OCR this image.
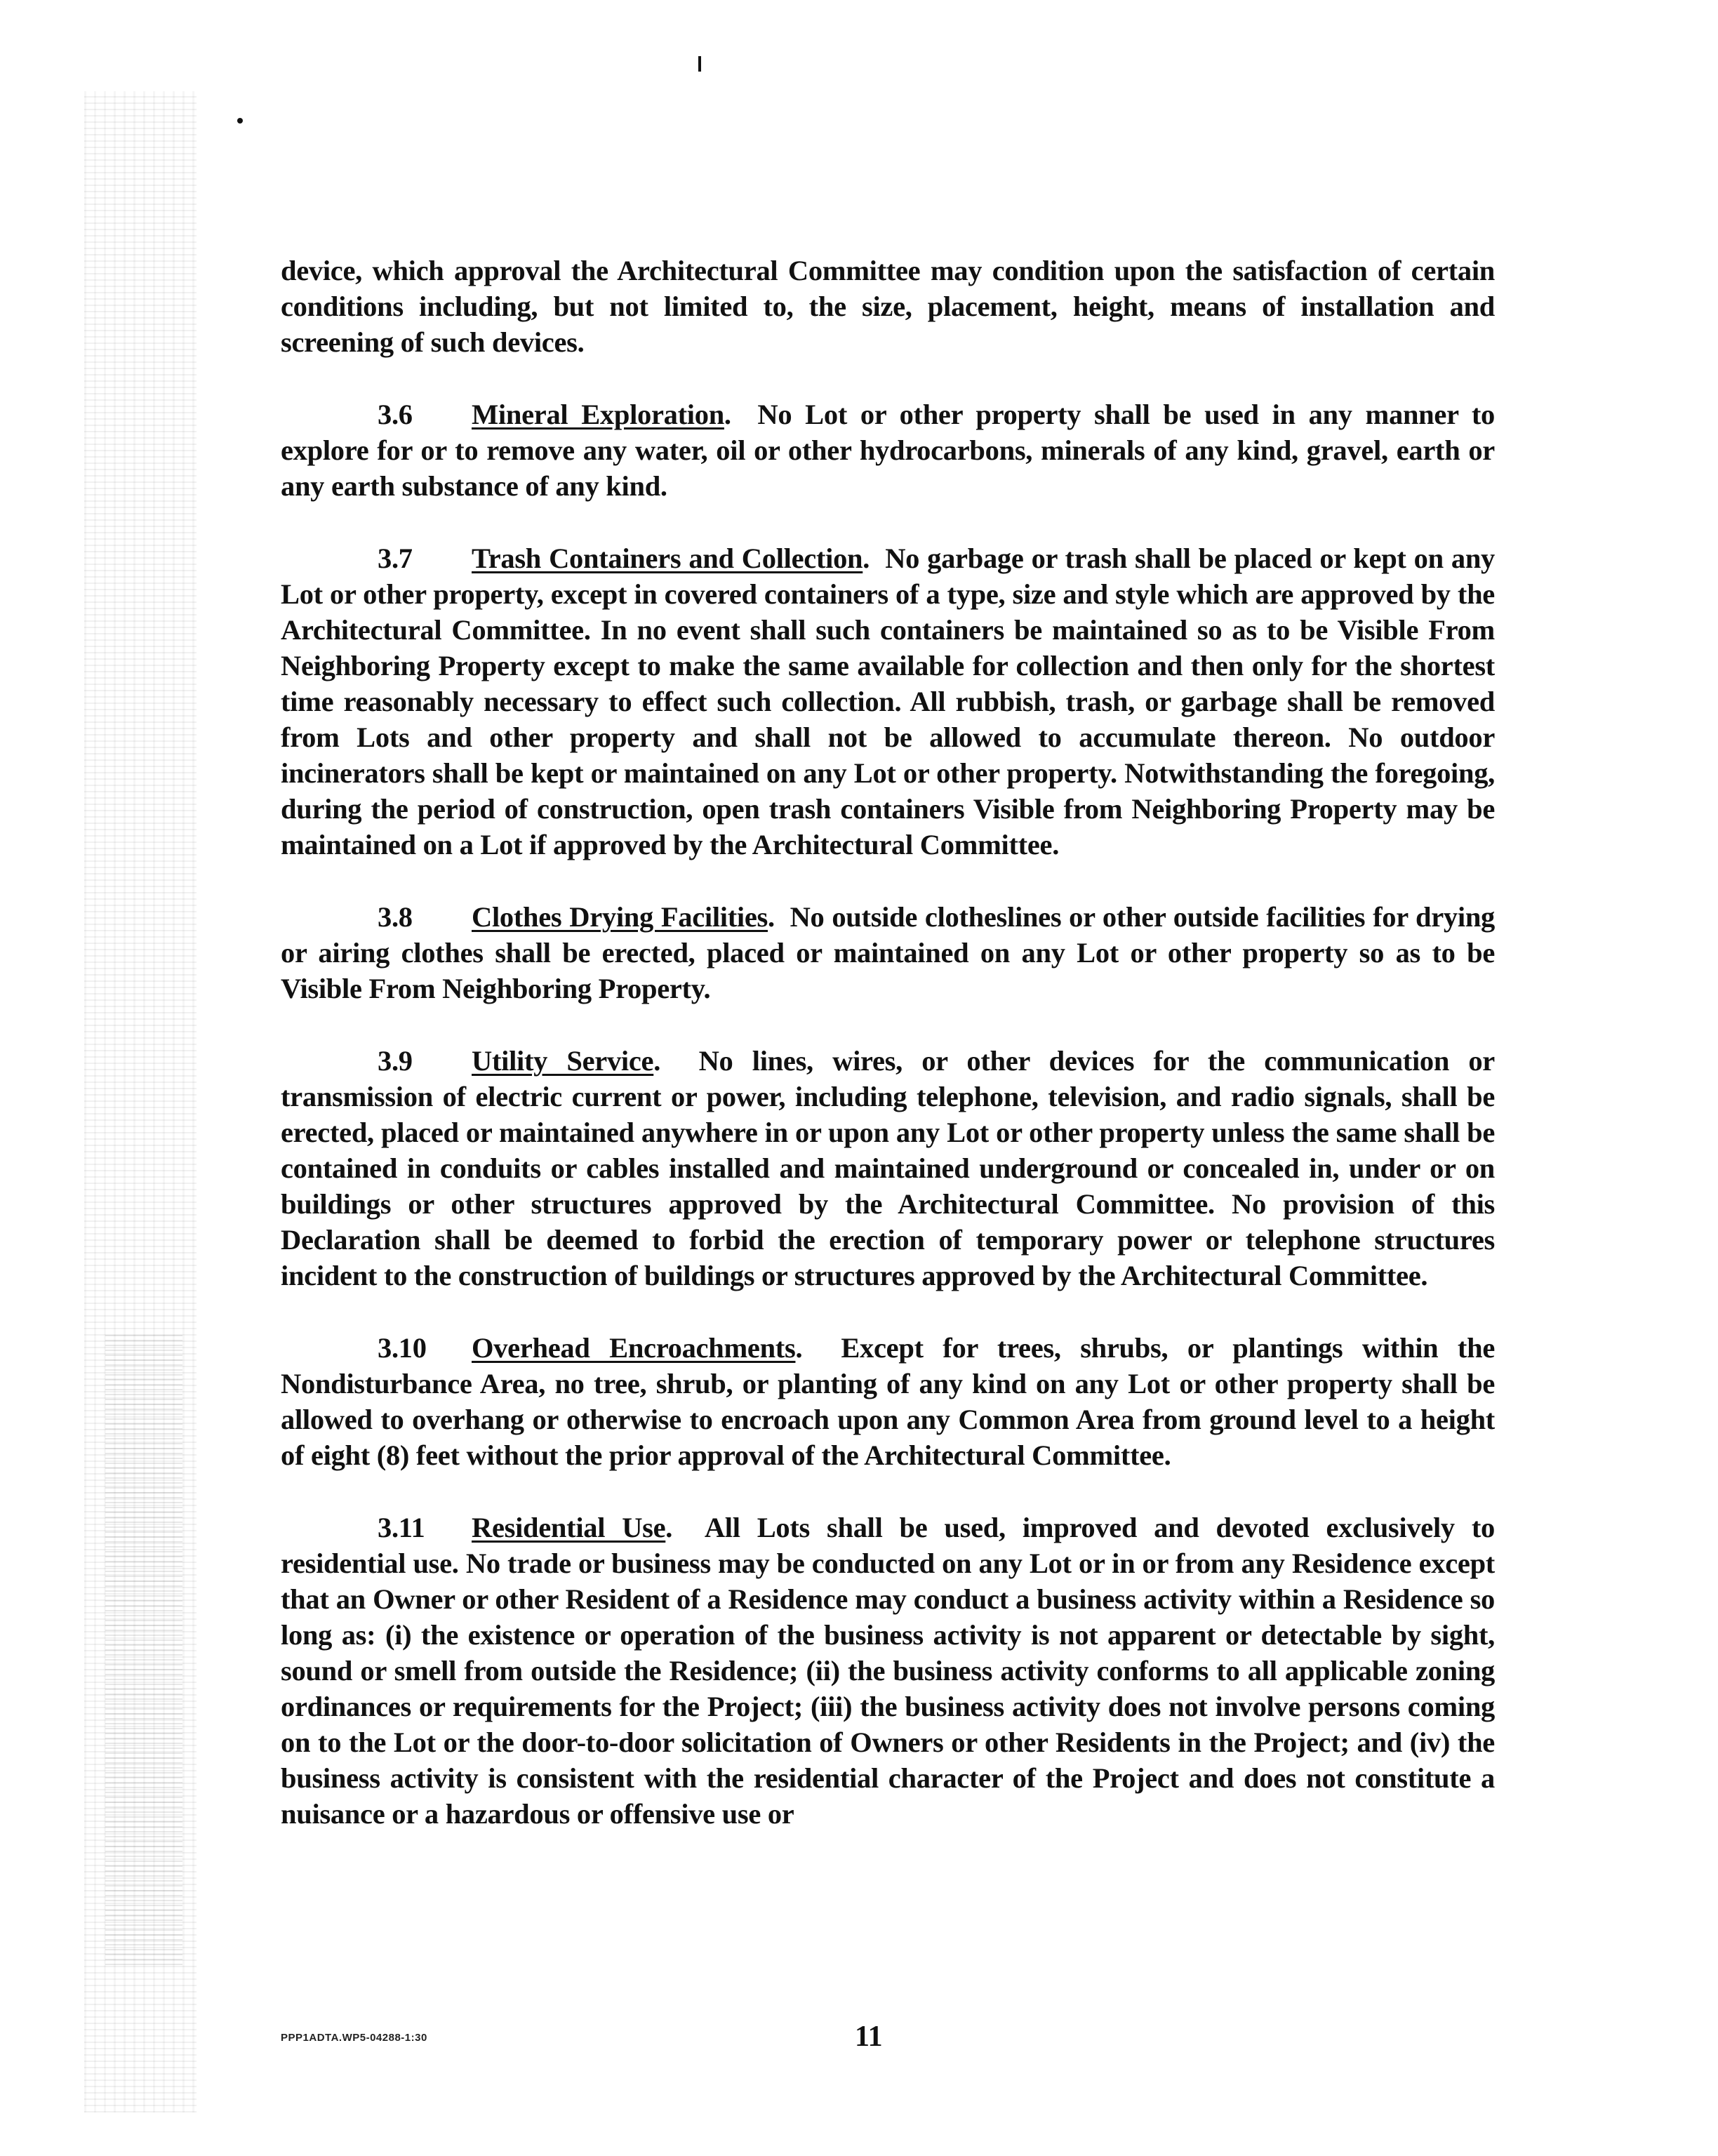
device, which approval the Architectural Committee may condition upon the satisfaction of certain conditions including, but not limited to, the size, placement, height, means of installation and screening of such devices.

3.6 Mineral Exploration.  No Lot or other property shall be used in any manner to explore for or to remove any water, oil or other hydrocarbons, minerals of any kind, gravel, earth or any earth substance of any kind.

3.7 Trash Containers and Collection.  No garbage or trash shall be placed or kept on any Lot or other property, except in covered containers of a type, size and style which are approved by the Architectural Committee. In no event shall such containers be maintained so as to be Visible From Neighboring Property except to make the same available for collection and then only for the shortest time reasonably necessary to effect such collection. All rubbish, trash, or garbage shall be removed from Lots and other property and shall not be allowed to accumulate thereon. No outdoor incinerators shall be kept or maintained on any Lot or other property. Notwithstanding the foregoing, during the period of construction, open trash containers Visible from Neighboring Property may be maintained on a Lot if approved by the Architectural Committee.

3.8 Clothes Drying Facilities.  No outside clotheslines or other outside facilities for drying or airing clothes shall be erected, placed or maintained on any Lot or other property so as to be Visible From Neighboring Property.

3.9 Utility Service.  No lines, wires, or other devices for the communication or transmission of electric current or power, including telephone, television, and radio signals, shall be erected, placed or maintained anywhere in or upon any Lot or other property unless the same shall be contained in conduits or cables installed and maintained underground or concealed in, under or on buildings or other structures approved by the Architectural Committee. No provision of this Declaration shall be deemed to forbid the erection of temporary power or telephone structures incident to the construction of buildings or structures approved by the Architectural Committee.

3.10 Overhead Encroachments.  Except for trees, shrubs, or plantings within the Nondisturbance Area, no tree, shrub, or planting of any kind on any Lot or other property shall be allowed to overhang or otherwise to encroach upon any Common Area from ground level to a height of eight (8) feet without the prior approval of the Architectural Committee.

3.11 Residential Use.  All Lots shall be used, improved and devoted exclusively to residential use. No trade or business may be conducted on any Lot or in or from any Residence except that an Owner or other Resident of a Residence may conduct a business activity within a Residence so long as: (i) the existence or operation of the business activity is not apparent or detectable by sight, sound or smell from outside the Residence; (ii) the business activity conforms to all applicable zoning ordinances or requirements for the Project; (iii) the business activity does not involve persons coming on to the Lot or the door-to-door solicitation of Owners or other Residents in the Project; and (iv) the business activity is consistent with the residential character of the Project and does not constitute a nuisance or a hazardous or offensive use or

PPP1ADTA.WP5-04288-1:30	11
